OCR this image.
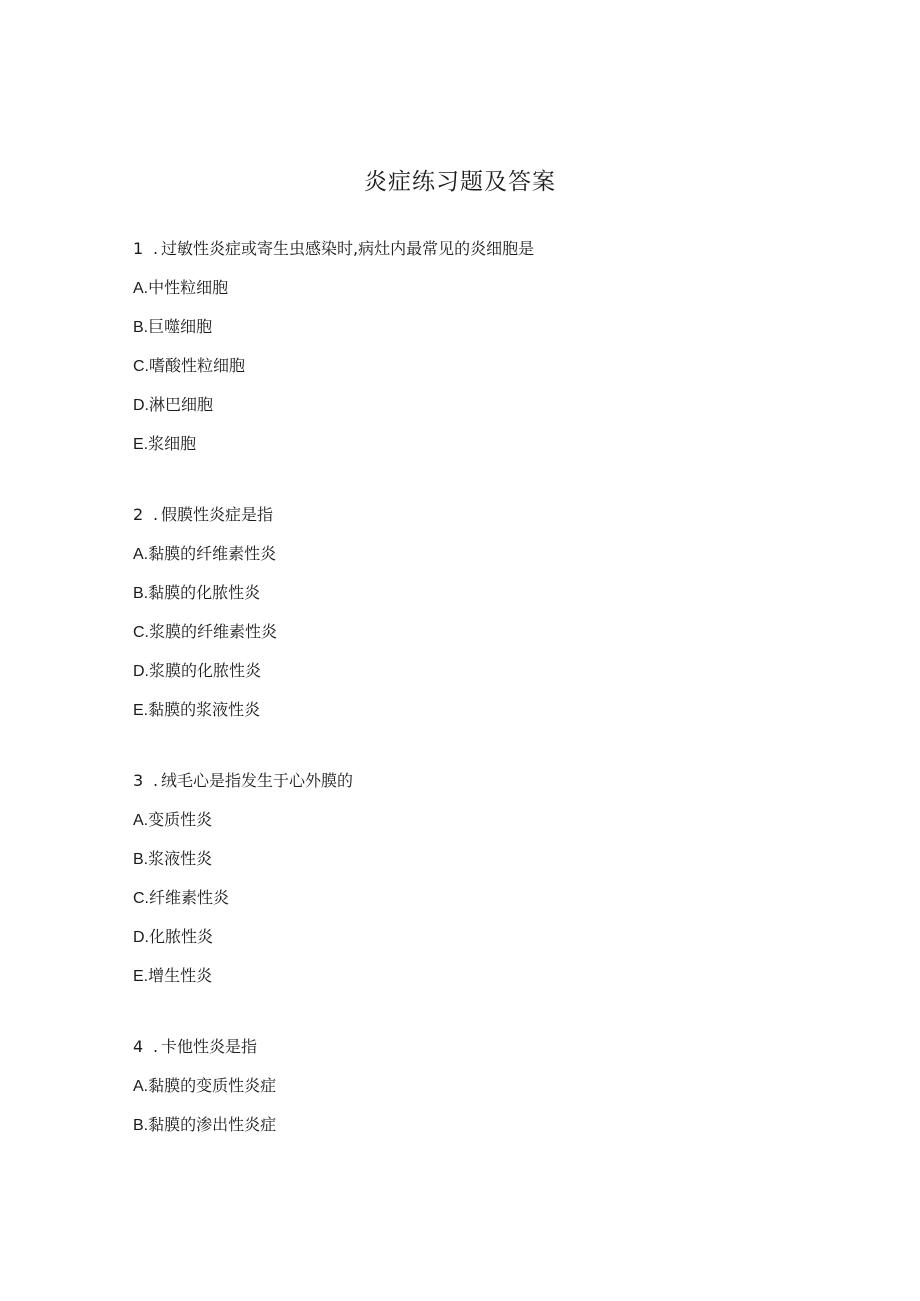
炎症练习题及答案
1 . 过敏性炎症或寄生虫感染时,病灶内最常见的炎细胞是
A.中性粒细胞
B.巨噬细胞
C.嗜酸性粒细胞
D.淋巴细胞
E.浆细胞
2 . 假膜性炎症是指
A.黏膜的纤维素性炎
B.黏膜的化脓性炎
C.浆膜的纤维素性炎
D.浆膜的化脓性炎
E.黏膜的浆液性炎
3 . 绒毛心是指发生于心外膜的
A.变质性炎
B.浆液性炎
C.纤维素性炎
D.化脓性炎
E.增生性炎
4 . 卡他性炎是指
A.黏膜的变质性炎症
B.黏膜的渗出性炎症
